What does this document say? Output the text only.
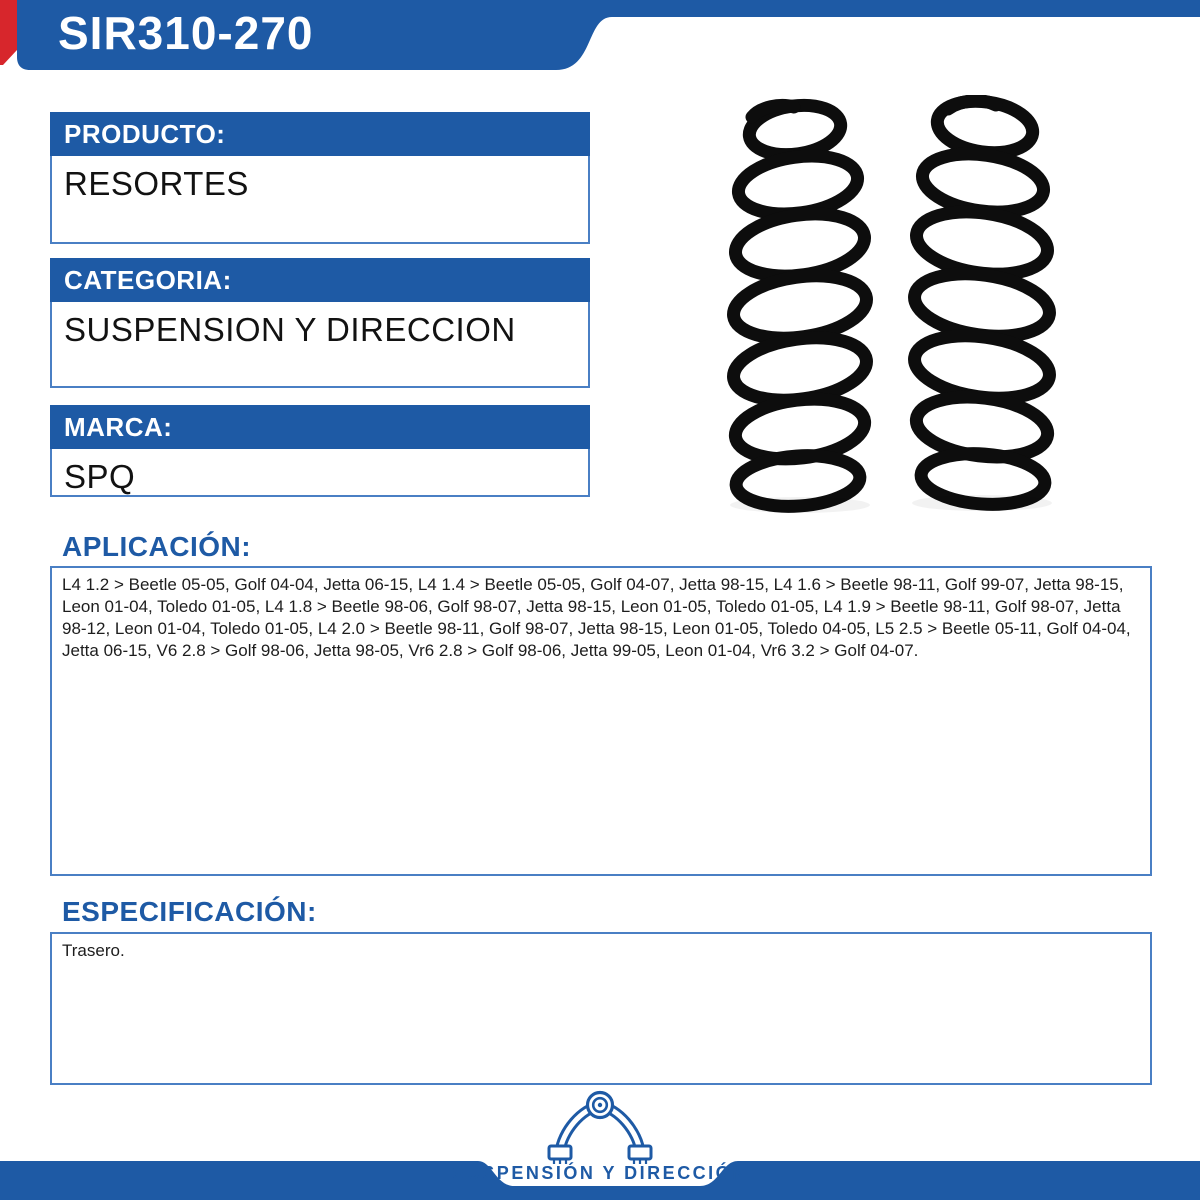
SIR310-270
PRODUCTO:
RESORTES
CATEGORIA:
SUSPENSION Y DIRECCION
MARCA:
SPQ
APLICACIÓN:
L4 1.2 > Beetle 05-05, Golf 04-04, Jetta 06-15, L4 1.4 > Beetle 05-05, Golf 04-07, Jetta 98-15, L4 1.6 > Beetle 98-11, Golf 99-07, Jetta 98-15, Leon 01-04, Toledo 01-05, L4 1.8 > Beetle 98-06, Golf 98-07, Jetta 98-15, Leon 01-05, Toledo 01-05, L4 1.9 > Beetle 98-11, Golf 98-07, Jetta 98-12, Leon 01-04, Toledo 01-05, L4 2.0 > Beetle 98-11, Golf 98-07, Jetta 98-15, Leon 01-05, Toledo 04-05, L5 2.5 > Beetle 05-11, Golf 04-04, Jetta 06-15, V6 2.8 > Golf 98-06, Jetta 98-05, Vr6 2.8 > Golf 98-06, Jetta 99-05, Leon 01-04, Vr6 3.2 > Golf 04-07.
ESPECIFICACIÓN:
Trasero.
SUSPENSIÓN Y DIRECCIÓN
